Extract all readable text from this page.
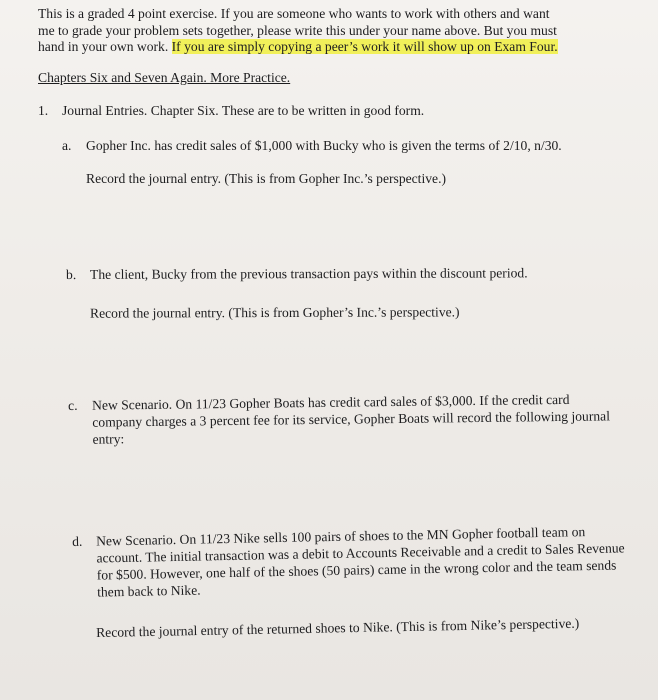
This is a graded 4 point exercise. If you are someone who wants to work with others and want
me to grade your problem sets together, please write this under your name above. But you must
hand in your own work. If you are simply copying a peer’s work it will show up on Exam Four.
Chapters Six and Seven Again. More Practice.
1. Journal Entries. Chapter Six. These are to be written in good form.
a. Gopher Inc. has credit sales of $1,000 with Bucky who is given the terms of 2/10, n/30.
Record the journal entry. (This is from Gopher Inc.’s perspective.)
b. The client, Bucky from the previous transaction pays within the discount period.
Record the journal entry. (This is from Gopher’s Inc.’s perspective.)
c. New Scenario. On 11/23 Gopher Boats has credit card sales of $3,000. If the credit card company charges a 3 percent fee for its service, Gopher Boats will record the following journal entry:
d. New Scenario. On 11/23 Nike sells 100 pairs of shoes to the MN Gopher football team on account. The initial transaction was a debit to Accounts Receivable and a credit to Sales Revenue for $500. However, one half of the shoes (50 pairs) came in the wrong color and the team sends them back to Nike.
Record the journal entry of the returned shoes to Nike. (This is from Nike’s perspective.)
